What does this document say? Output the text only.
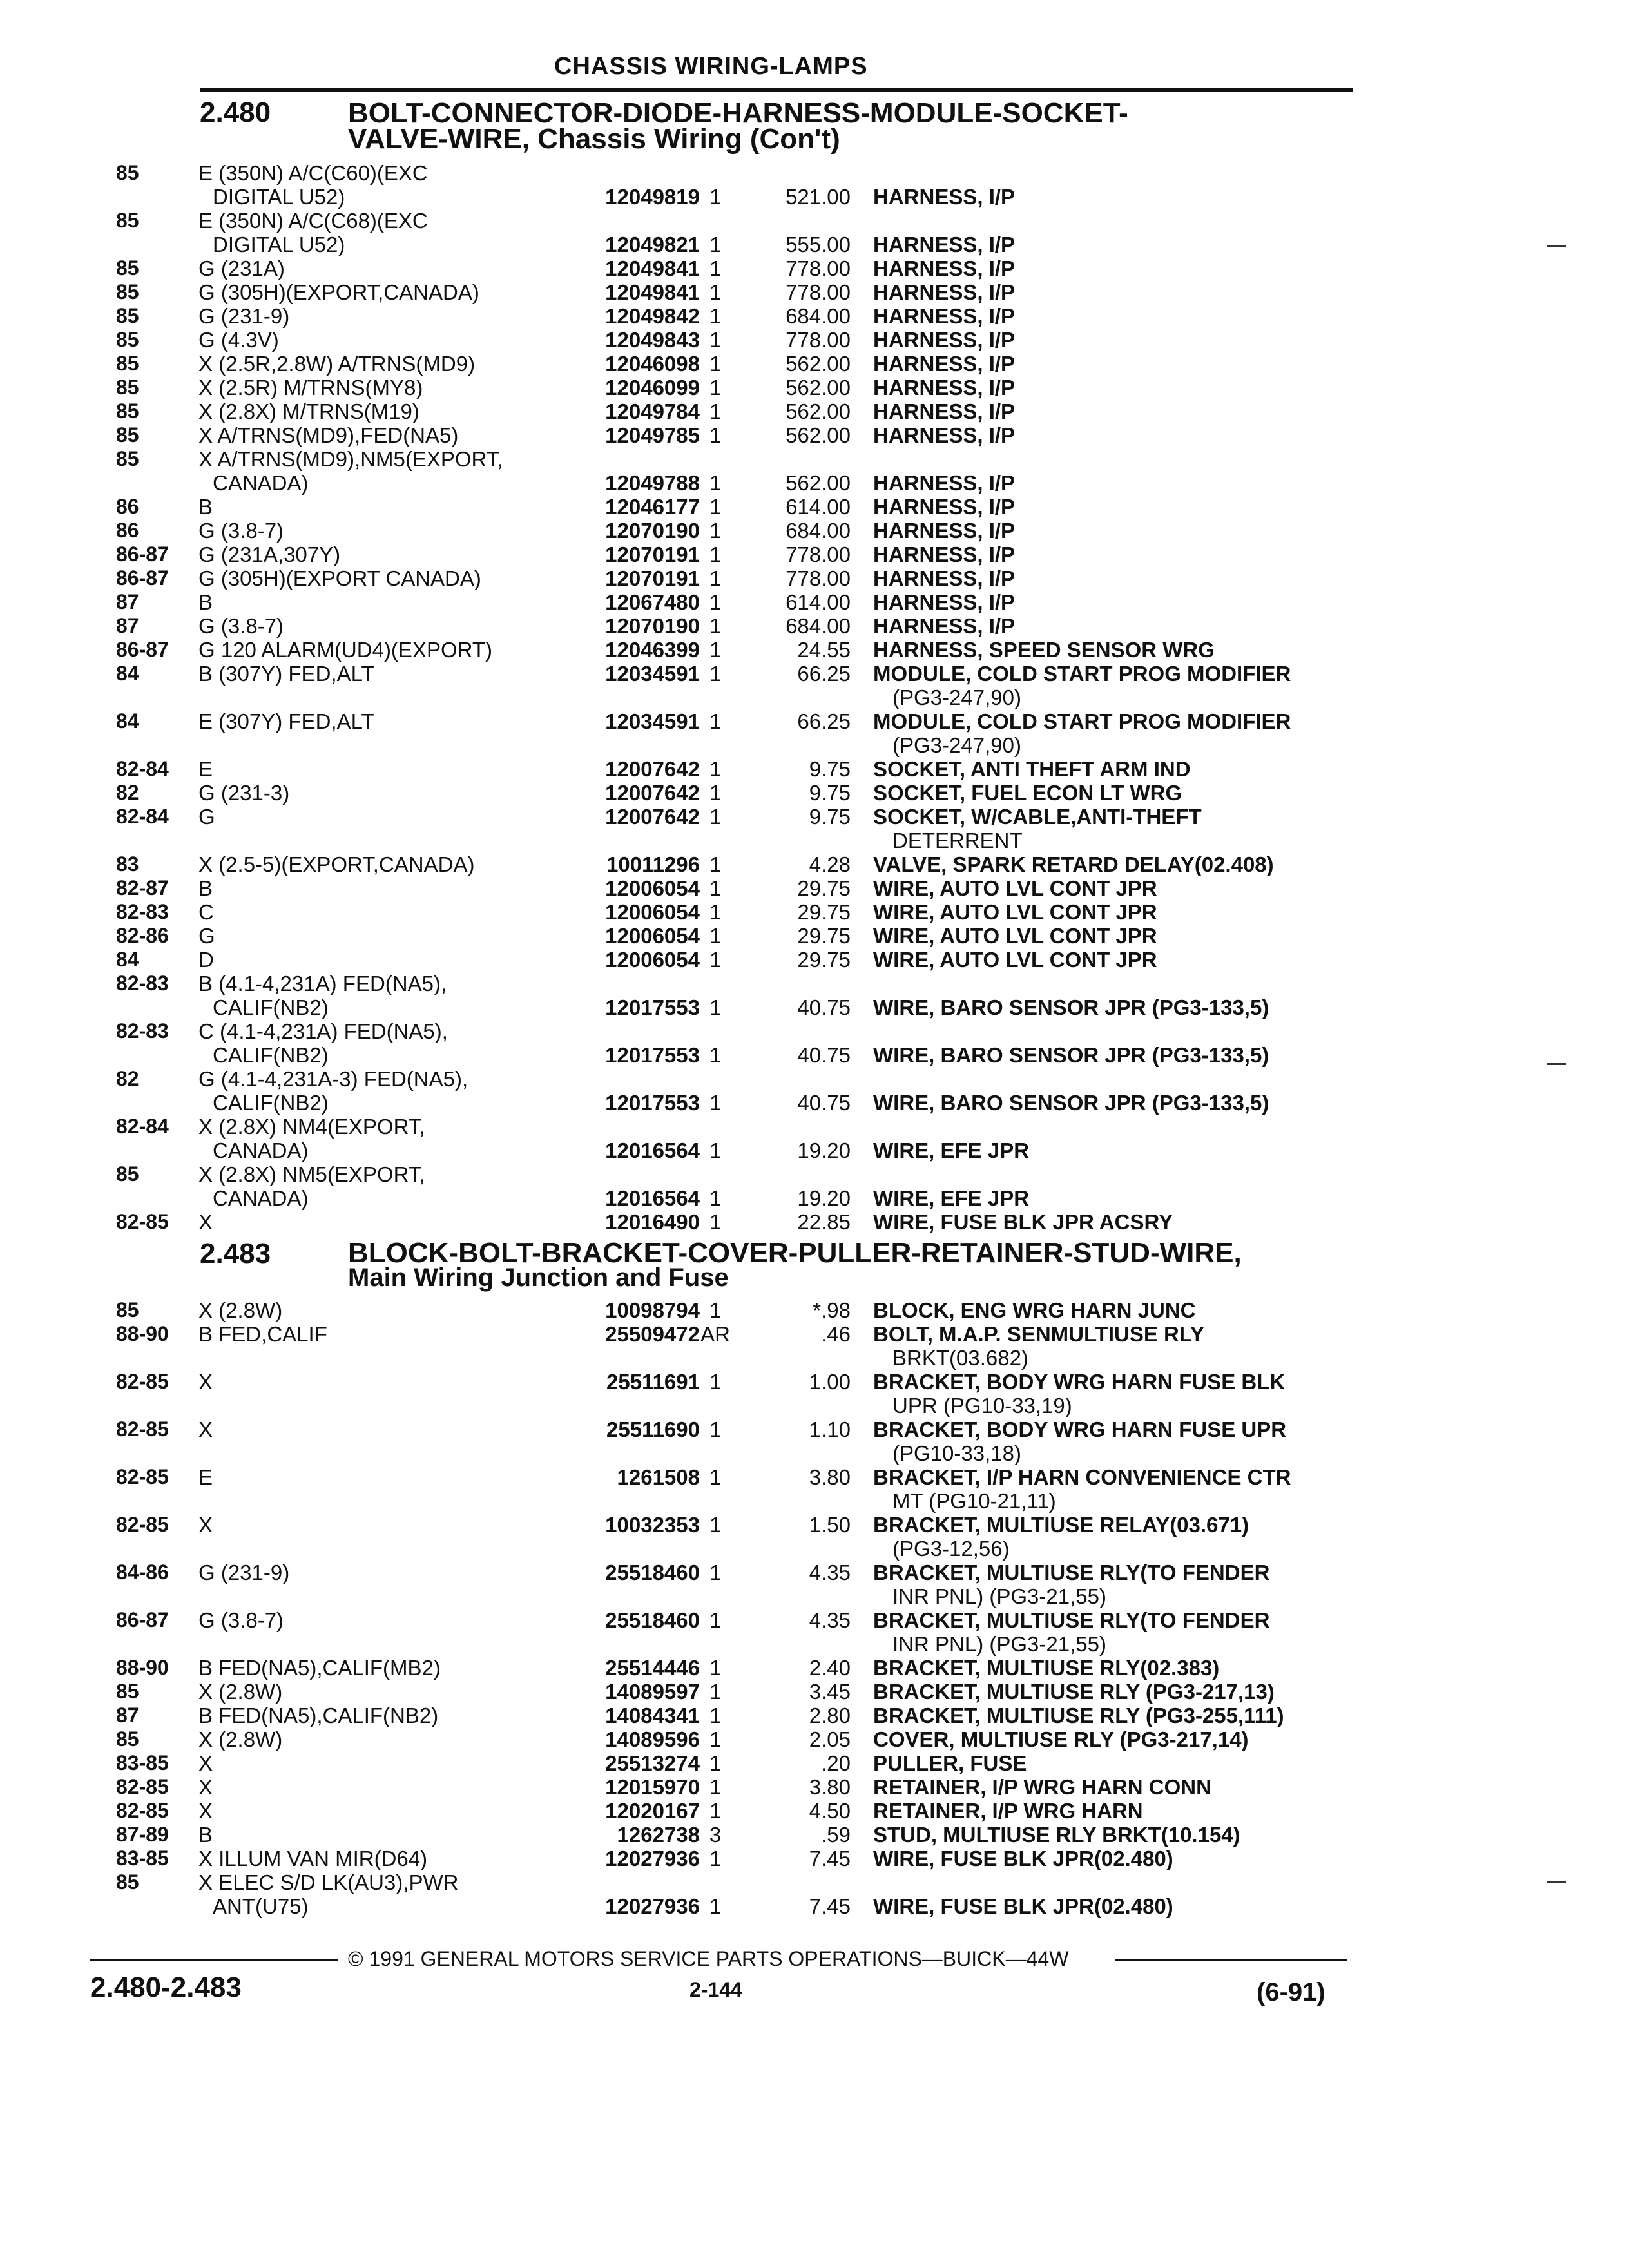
CHASSIS WIRING-LAMPS
2.480	BOLT-CONNECTOR-DIODE-HARNESS-MODULE-SOCKET-
VALVE-WIRE, Chassis Wiring (Con't)
85	E (350N) A/C(C60)(EXC
DIGITAL U52)	12049819 1	521.00 HARNESS, I/P
85	E (350N) A/C(C68)(EXC
DIGITAL U52)	12049821 1	555.00 HARNESS, I/P
85	G (231A)	12049841 1	778.00 HARNESS, I/P
85	G (305H)(EXPORT,CANADA)	12049841 1	778.00 HARNESS, I/P
85	G (231-9)	12049842 1	684.00 HARNESS, I/P
85	G (4.3V)	12049843 1	778.00 HARNESS, I/P
85	X (2.5R,2.8W) A/TRNS(MD9)	12046098 1	562.00 HARNESS, I/P
85	X (2.5R) M/TRNS(MY8)	12046099 1	562.00 HARNESS, I/P
85	X (2.8X) M/TRNS(M19)	12049784 1	562.00 HARNESS, I/P
85	X A/TRNS(MD9),FED(NA5)	12049785 1	562.00 HARNESS, I/P
85	X A/TRNS(MD9),NM5(EXPORT,
CANADA)	12049788 1	562.00 HARNESS, I/P
86	B	12046177 1	614.00 HARNESS, I/P
86	G (3.8-7)	12070190 1	684.00 HARNESS, I/P
86-87	G (231A,307Y)	12070191 1	778.00 HARNESS, I/P
86-87	G (305H)(EXPORT CANADA)	12070191 1	778.00 HARNESS, I/P
87	B	12067480 1	614.00 HARNESS, I/P
87	G (3.8-7)	12070190 1	684.00 HARNESS, I/P
86-87	G 120 ALARM(UD4)(EXPORT)	12046399 1	24.55 HARNESS, SPEED SENSOR WRG
84	B (307Y) FED,ALT	12034591 1	66.25 MODULE, COLD START PROG MODIFIER
(PG3-247,90)
84	E (307Y) FED,ALT	12034591 1	66.25 MODULE, COLD START PROG MODIFIER
(PG3-247,90)
82-84	E	12007642 1	9.75 SOCKET, ANTI THEFT ARM IND
82	G (231-3)	12007642 1	9.75 SOCKET, FUEL ECON LT WRG
82-84	G	12007642 1	9.75 SOCKET, W/CABLE,ANTI-THEFT
DETERRENT
83	X (2.5-5)(EXPORT,CANADA)	10011296 1	4.28 VALVE, SPARK RETARD DELAY(02.408)
82-87	B	12006054 1	29.75 WIRE, AUTO LVL CONT JPR
82-83	C	12006054 1	29.75 WIRE, AUTO LVL CONT JPR
82-86	G	12006054 1	29.75 WIRE, AUTO LVL CONT JPR
84	D	12006054 1	29.75 WIRE, AUTO LVL CONT JPR
82-83	B (4.1-4,231A) FED(NA5),
CALIF(NB2)	12017553 1	40.75 WIRE, BARO SENSOR JPR (PG3-133,5)
82-83	C (4.1-4,231A) FED(NA5),
CALIF(NB2)	12017553 1	40.75 WIRE, BARO SENSOR JPR (PG3-133,5)
82	G (4.1-4,231A-3) FED(NA5),
CALIF(NB2)	12017553 1	40.75 WIRE, BARO SENSOR JPR (PG3-133,5)
82-84	X (2.8X) NM4(EXPORT,
CANADA)	12016564 1	19.20 WIRE, EFE JPR
85	X (2.8X) NM5(EXPORT,
CANADA)	12016564 1	19.20 WIRE, EFE JPR
82-85	X	12016490 1	22.85 WIRE, FUSE BLK JPR ACSRY
2.483	BLOCK-BOLT-BRACKET-COVER-PULLER-RETAINER-STUD-WIRE,
Main Wiring Junction and Fuse
85	X (2.8W)	10098794 1	*.98 BLOCK, ENG WRG HARN JUNC
88-90	B FED,CALIF	25509472 AR	.46 BOLT, M.A.P. SENMULTIUSE RLY
BRKT(03.682)
82-85	X	25511691 1	1.00 BRACKET, BODY WRG HARN FUSE BLK
UPR (PG10-33,19)
82-85	X	25511690 1	1.10 BRACKET, BODY WRG HARN FUSE UPR
(PG10-33,18)
82-85	E	1261508 1	3.80 BRACKET, I/P HARN CONVENIENCE CTR
MT (PG10-21,11)
82-85	X	10032353 1	1.50 BRACKET, MULTIUSE RELAY(03.671)
(PG3-12,56)
84-86	G (231-9)	25518460 1	4.35 BRACKET, MULTIUSE RLY(TO FENDER
INR PNL) (PG3-21,55)
86-87	G (3.8-7)	25518460 1	4.35 BRACKET, MULTIUSE RLY(TO FENDER
INR PNL) (PG3-21,55)
88-90	B FED(NA5),CALIF(MB2)	25514446 1	2.40 BRACKET, MULTIUSE RLY(02.383)
85	X (2.8W)	14089597 1	3.45 BRACKET, MULTIUSE RLY (PG3-217,13)
87	B FED(NA5),CALIF(NB2)	14084341 1	2.80 BRACKET, MULTIUSE RLY (PG3-255,111)
85	X (2.8W)	14089596 1	2.05 COVER, MULTIUSE RLY (PG3-217,14)
83-85	X	25513274 1	.20 PULLER, FUSE
82-85	X	12015970 1	3.80 RETAINER, I/P WRG HARN CONN
82-85	X	12020167 1	4.50 RETAINER, I/P WRG HARN
87-89	B	1262738 3	.59 STUD, MULTIUSE RLY BRKT(10.154)
83-85	X ILLUM VAN MIR(D64)	12027936 1	7.45 WIRE, FUSE BLK JPR(02.480)
85	X ELEC S/D LK(AU3),PWR
ANT(U75)	12027936 1	7.45 WIRE, FUSE BLK JPR(02.480)
© 1991 GENERAL MOTORS SERVICE PARTS OPERATIONS—BUICK—44W
2.480-2.483	2-144	(6-91)
